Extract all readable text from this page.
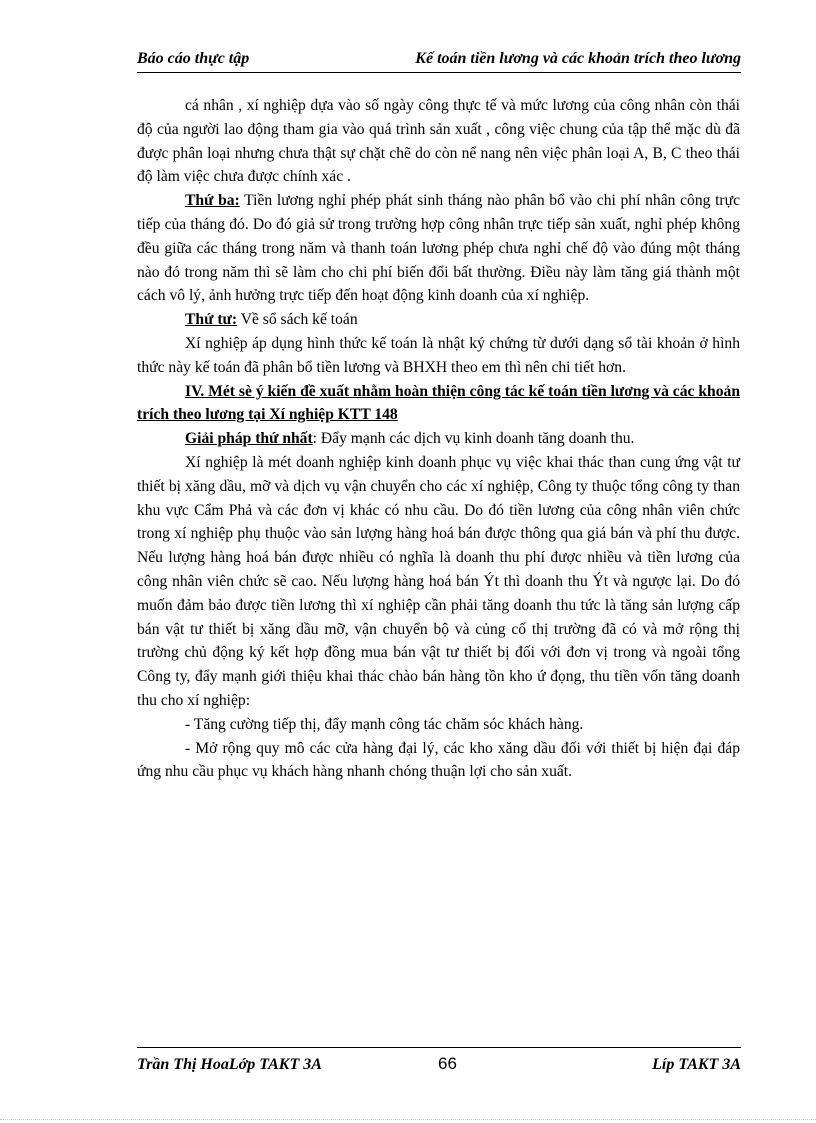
Báo cáo thực tập	Kế toán tiền lương và các khoản trích theo lương

cá nhân , xí nghiệp dựa vào số ngày công thực tế và mức lương của công nhân còn thái độ của người lao động tham gia vào quá trình sản xuất , công việc chung của tập thể mặc dù đã được phân loại nhưng chưa thật sự chặt chẽ do còn nể nang nên việc phân loại A, B, C theo thái độ làm việc chưa được chính xác .

Thứ ba: Tiền lương nghỉ phép phát sinh tháng nào phân bổ vào chi phí nhân công trực tiếp của tháng đó. Do đó giả sử trong trường hợp công nhân trực tiếp sản xuất, nghỉ phép không đều giữa các tháng trong năm và thanh toán lương phép chưa nghỉ chế độ vào đúng một tháng nào đó trong năm thì sẽ làm cho chi phí biến đổi bất thường. Điều này làm tăng giá thành một cách vô lý, ảnh hưởng trực tiếp đến hoạt động kinh doanh của xí nghiệp.

Thứ tư: Về sổ sách kế toán

Xí nghiệp áp dụng hình thức kế toán là nhật ký chứng từ dưới dạng sổ tài khoản ở hình thức này kế toán đã phân bổ tiền lương và BHXH theo em thì nên chi tiết hơn.

IV. Mét sè ý kiến đề xuất nhằm hoàn thiện công tác kế toán tiền lương và các khoản trích theo lương tại Xí nghiệp KTT 148

Giải pháp thứ nhất: Đẩy mạnh các dịch vụ kinh doanh tăng doanh thu.

Xí nghiệp là mét doanh nghiệp kinh doanh phục vụ việc khai thác than cung ứng vật tư thiết bị xăng dầu, mỡ và dịch vụ vận chuyển cho các xí nghiệp, Công ty thuộc tổng công ty than khu vực Cẩm Phả và các đơn vị khác có nhu cầu. Do đó tiền lương của công nhân viên chức trong xí nghiệp phụ thuộc vào sản lượng hàng hoá bán được thông qua giá bán và phí thu được. Nếu lượng hàng hoá bán được nhiều có nghĩa là doanh thu phí được nhiều và tiền lương của công nhân viên chức sẽ cao. Nếu lượng hàng hoá bán Ýt thì doanh thu Ýt và ngược lại. Do đó muốn đảm bảo được tiền lương thì xí nghiệp cần phải tăng doanh thu tức là tăng sản lượng cấp bán vật tư thiết bị xăng dầu mỡ, vận chuyển bộ và củng cố thị trường đã có và mở rộng thị trường chủ động ký kết hợp đồng mua bán vật tư thiết bị đối với đơn vị trong và ngoài tổng Công ty, đẩy mạnh giới thiệu khai thác chào bán hàng tồn kho ứ đọng, thu tiền vốn tăng doanh thu cho xí nghiệp:

- Tăng cường tiếp thị, đẩy mạnh công tác chăm sóc khách hàng.

- Mở rộng quy mô các cửa hàng đại lý, các kho xăng dầu đối với thiết bị hiện đại đáp ứng nhu cầu phục vụ khách hàng nhanh chóng thuận lợi cho sản xuất.

Trần Thị HoaLớp TAKT 3A	66	Líp TAKT 3A
